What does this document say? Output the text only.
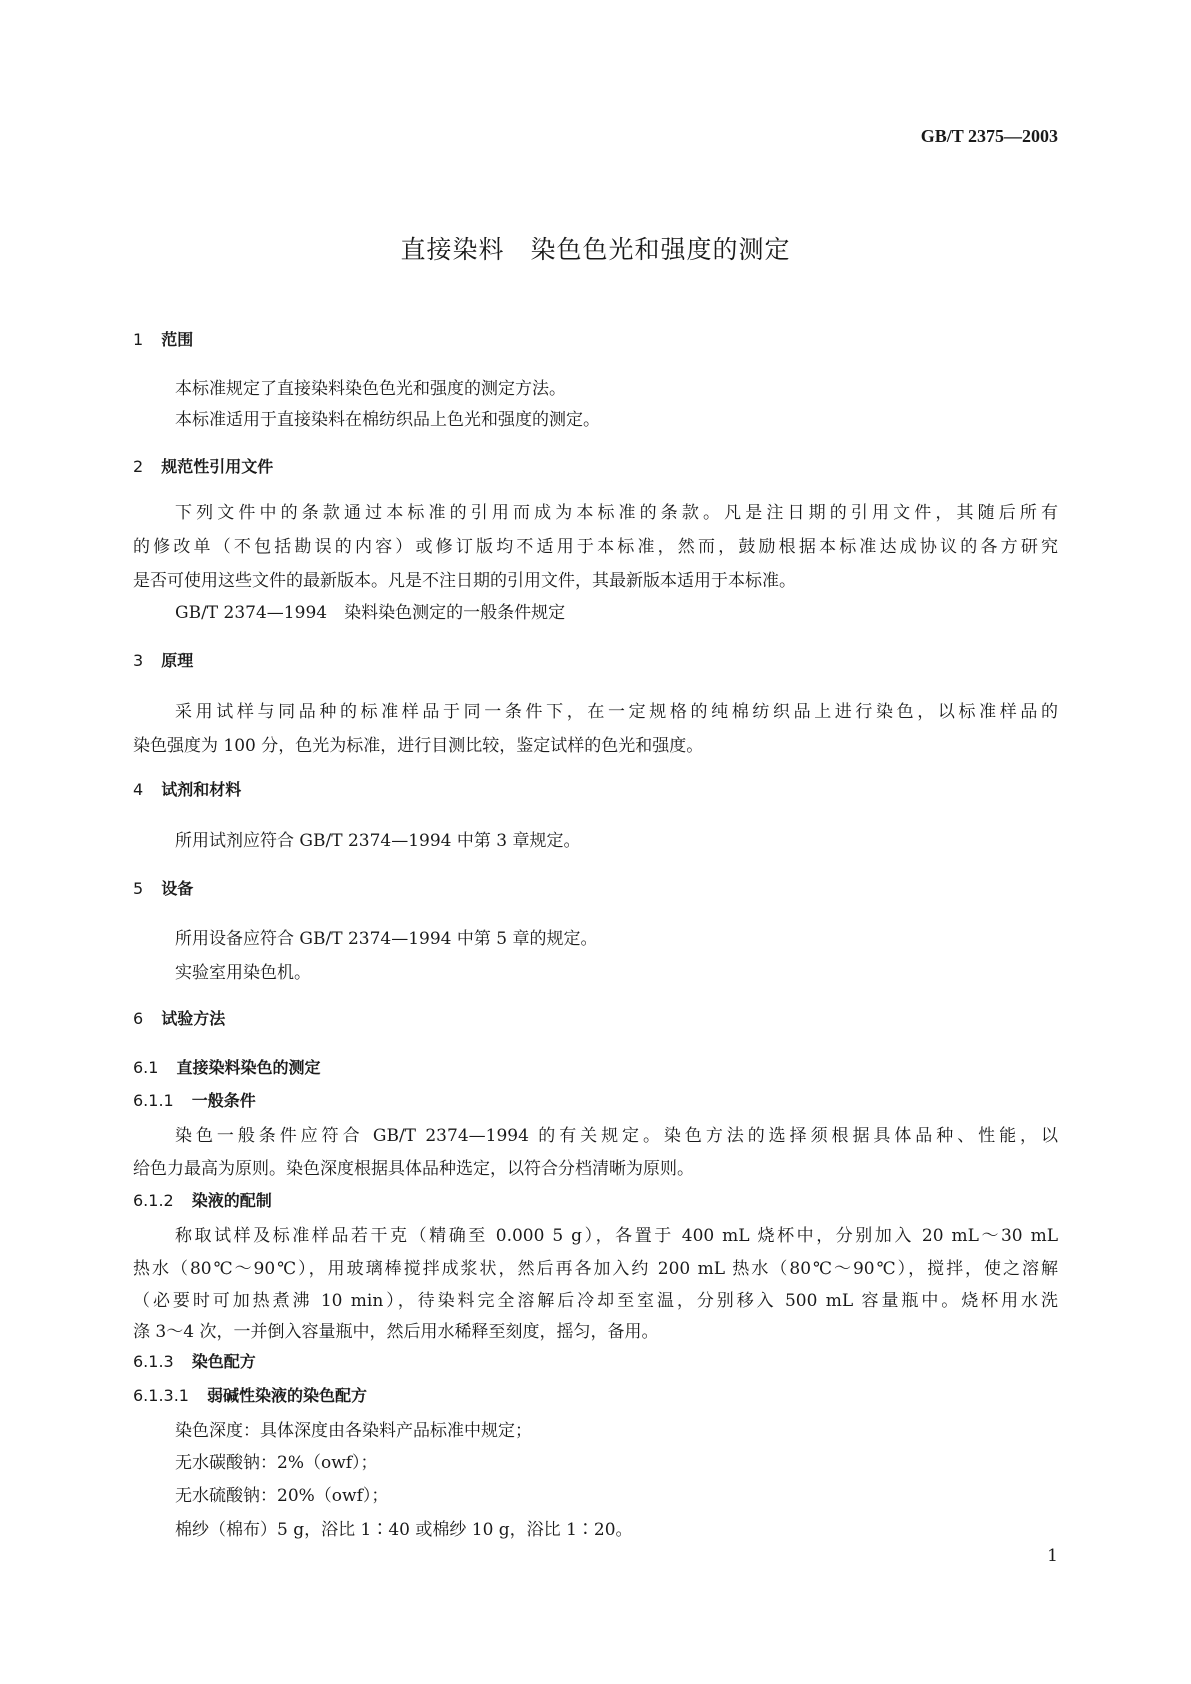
GB/T 2375—2003
直接染料　染色色光和强度的测定
1 范围
本标准规定了直接染料染色色光和强度的测定方法。
本标准适用于直接染料在棉纺织品上色光和强度的测定。
2 规范性引用文件
下列文件中的条款通过本标准的引用而成为本标准的条款。凡是注日期的引用文件，其随后所有
的修改单（不包括勘误的内容）或修订版均不适用于本标准，然而，鼓励根据本标准达成协议的各方研究
是否可使用这些文件的最新版本。凡是不注日期的引用文件，其最新版本适用于本标准。
GB/T 2374—1994　染料染色测定的一般条件规定
3 原理
采用试样与同品种的标准样品于同一条件下，在一定规格的纯棉纺织品上进行染色，以标准样品的
染色强度为 100 分，色光为标准，进行目测比较，鉴定试样的色光和强度。
4 试剂和材料
所用试剂应符合 GB/T 2374—1994 中第 3 章规定。
5 设备
所用设备应符合 GB/T 2374—1994 中第 5 章的规定。
实验室用染色机。
6 试验方法
6.1 直接染料染色的测定
6.1.1 一般条件
染色一般条件应符合 GB/T 2374—1994 的有关规定。染色方法的选择须根据具体品种、性能，以
给色力最高为原则。染色深度根据具体品种选定，以符合分档清晰为原则。
6.1.2 染液的配制
称取试样及标准样品若干克（精确至 0.000 5 g），各置于 400 mL 烧杯中，分别加入 20 mL～30 mL
热水（80℃～90℃），用玻璃棒搅拌成浆状，然后再各加入约 200 mL 热水（80℃～90℃），搅拌，使之溶解
（必要时可加热煮沸 10 min），待染料完全溶解后冷却至室温，分别移入 500 mL 容量瓶中。烧杯用水洗
涤 3～4 次，一并倒入容量瓶中，然后用水稀释至刻度，摇匀，备用。
6.1.3 染色配方
6.1.3.1 弱碱性染液的染色配方
染色深度：具体深度由各染料产品标准中规定；
无水碳酸钠：2%（owf）；
无水硫酸钠：20%（owf）；
棉纱（棉布）5 g，浴比 1∶40 或棉纱 10 g，浴比 1∶20。
1
